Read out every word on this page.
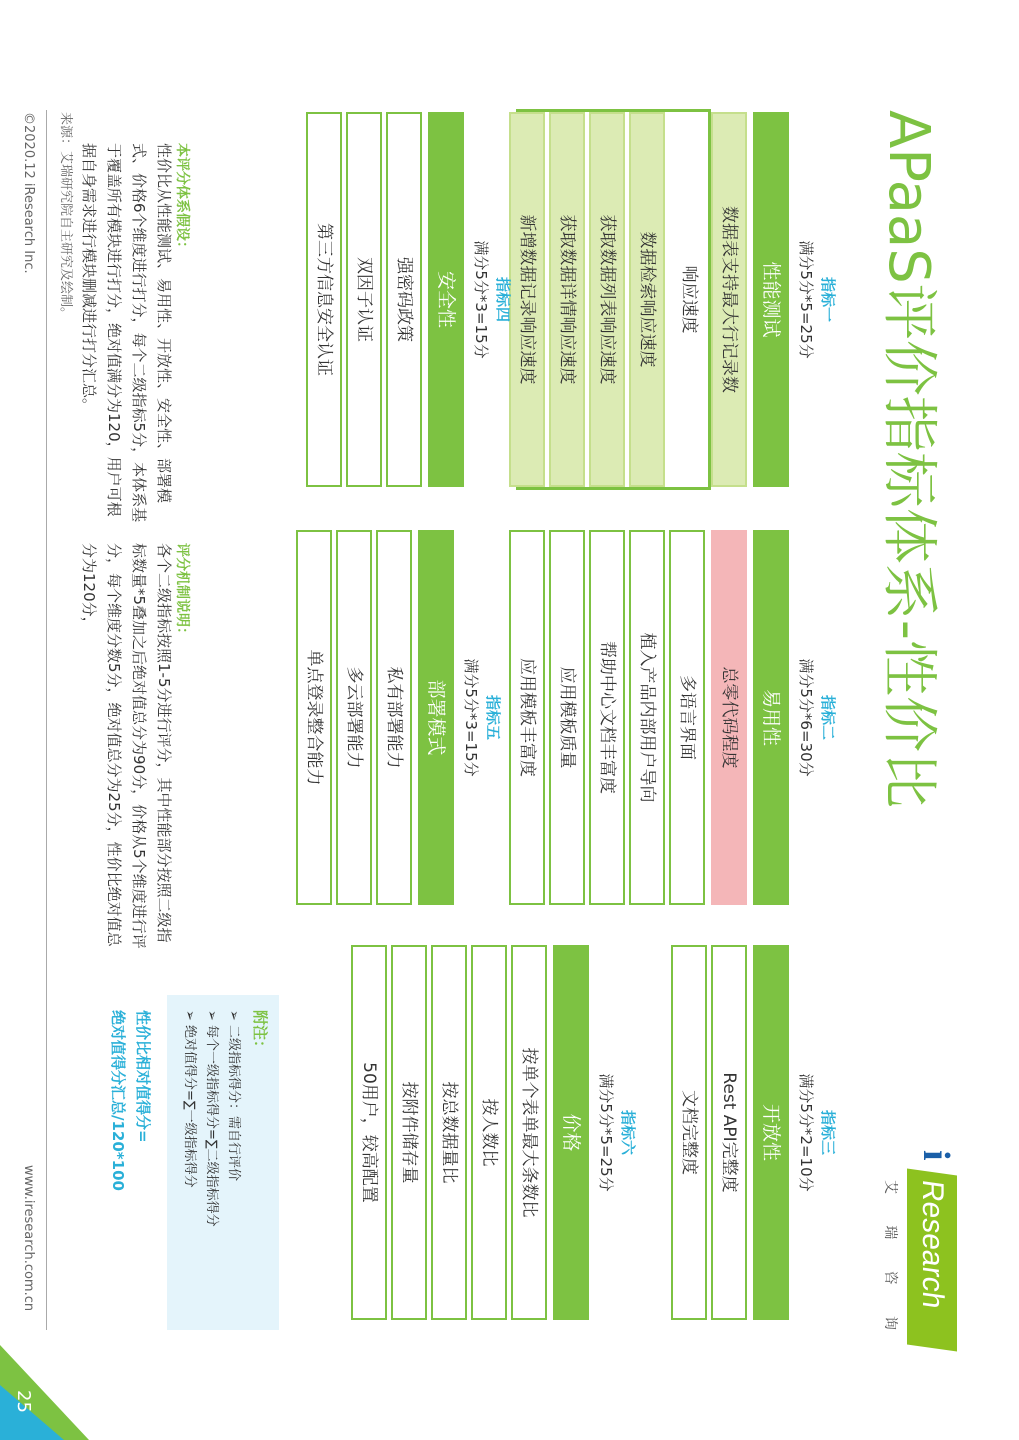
APaaS评价指标体系-性价比
Research
i
艾
瑞
咨
询
指标一
满分5分*5=25分
性能测试
数据表支持最大行记录数
响应速度
数据检索响应速度
获取数据列表响应速度
获取数据详情响应速度
新增数据记录响应速度
指标二
满分5分*6=30分
易用性
总零代码程度
多语言界面
植入产品内部用户导向
帮助中心文档丰富度
应用模板质量
应用模板丰富度
指标三
满分5分*2=10分
开放性
Rest API完整度
文档完整度
指标四
满分5分*3=15分
安全性
强密码政策
双因子认证
第三方信息安全认证
指标五
满分5分*3=15分
部署模式
私有部署能力
多云部署能力
单点登录整合能力
指标六
满分5分*5=25分
价格
按单个表单最大条数比
按人数比
按总数据量比
按附件储存量
50用户，较高配置
附注：
➢ 二级指标得分：需自行评价
➢ 每个一级指标得分=∑二级指标得分
➢ 绝对值得分=∑一级指标得分
性价比相对值得分=
绝对值得分汇总/120*100
本评分体系假设：
性价比从性能测试、易用性、开放性、安全性、部署模式、价格6个维度进行打分，每个二级指标5分，本体系基于覆盖所有模块进行打分，绝对值满分为120，用户可根据自身需求进行模块删减进行打分汇总。
评分机制说明：
各个二级指标按照1-5分进行评分，其中性能部分按照二级指标数量*5叠加之后绝对值总分为90分，价格从5个维度进行评分，每个维度分数5分，绝对值总分为25分，性价比绝对值总分为120分，
来源：艾瑞研究院自主研究及绘制。
©2020.12 iResearch Inc.
www.iresearch.com.cn
25
